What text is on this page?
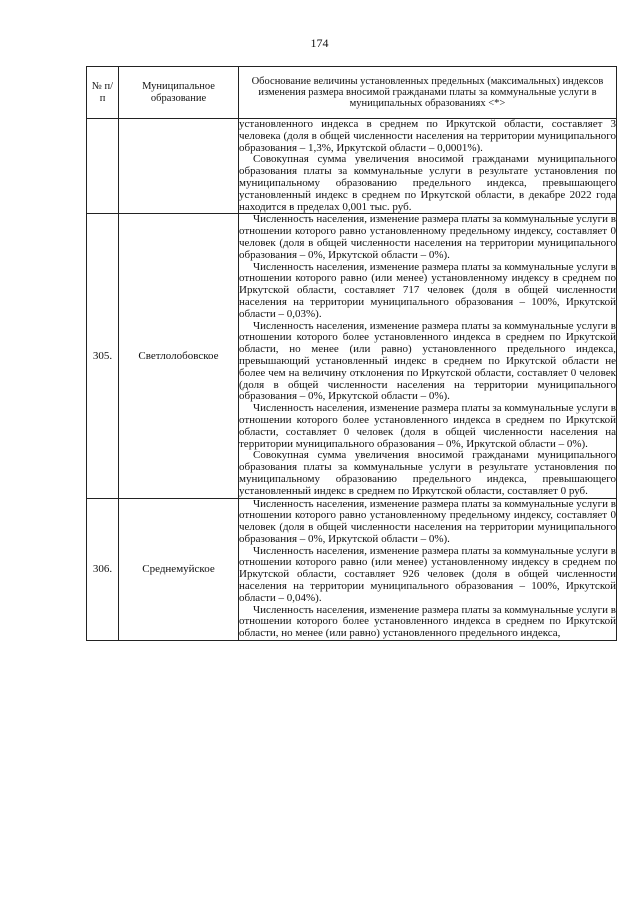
174
№ п/п	Муниципальное образование	Обоснование величины установленных предельных (максимальных) индексов изменения размера вносимой гражданами платы за коммунальные услуги в муниципальных образованиях <*>

		установленного индекса в среднем по Иркутской области, составляет 3 человека (доля в общей численности населения на территории муниципального образования – 1,3%, Иркутской области – 0,0001%).

Совокупная сумма увеличения вносимой гражданами муниципального образования платы за коммунальные услуги в результате установления по муниципальному образованию предельного индекса, превышающего установленный индекс в среднем по Иркутской области, в декабре 2022 года находится в пределах 0,001 тыс. руб.

305.	Светлолобовское	Численность населения, изменение размера платы за коммунальные услуги в отношении которого равно установленному предельному индексу, составляет 0 человек (доля в общей численности населения на территории муниципального образования – 0%, Иркутской области – 0%).

Численность населения, изменение размера платы за коммунальные услуги в отношении которого равно (или менее) установленному индексу в среднем по Иркутской области, составляет 717 человек (доля в общей численности населения на территории муниципального образования – 100%, Иркутской области – 0,03%).

Численность населения, изменение размера платы за коммунальные услуги в отношении которого более установленного индекса в среднем по Иркутской области, но менее (или равно) установленного предельного индекса, превышающий установленный индекс в среднем по Иркутской области не более чем на величину отклонения по Иркутской области, составляет 0 человек (доля в общей численности населения на территории муниципального образования – 0%, Иркутской области – 0%).

Численность населения, изменение размера платы за коммунальные услуги в отношении которого более установленного индекса в среднем по Иркутской области, составляет 0 человек (доля в общей численности населения на территории муниципального образования – 0%, Иркутской области – 0%).

Совокупная сумма увеличения вносимой гражданами муниципального образования платы за коммунальные услуги в результате установления по муниципальному образованию предельного индекса, превышающего установленный индекс в среднем по Иркутской области, составляет 0 руб.

306.	Среднемуйское	Численность населения, изменение размера платы за коммунальные услуги в отношении которого равно установленному предельному индексу, составляет 0 человек (доля в общей численности населения на территории муниципального образования – 0%, Иркутской области – 0%).

Численность населения, изменение размера платы за коммунальные услуги в отношении которого равно (или менее) установленному индексу в среднем по Иркутской области, составляет 926 человек (доля в общей численности населения на территории муниципального образования – 100%, Иркутской области – 0,04%).

Численность населения, изменение размера платы за коммунальные услуги в отношении которого более установленного индекса в среднем по Иркутской области, но менее (или равно) установленного предельного индекса,
